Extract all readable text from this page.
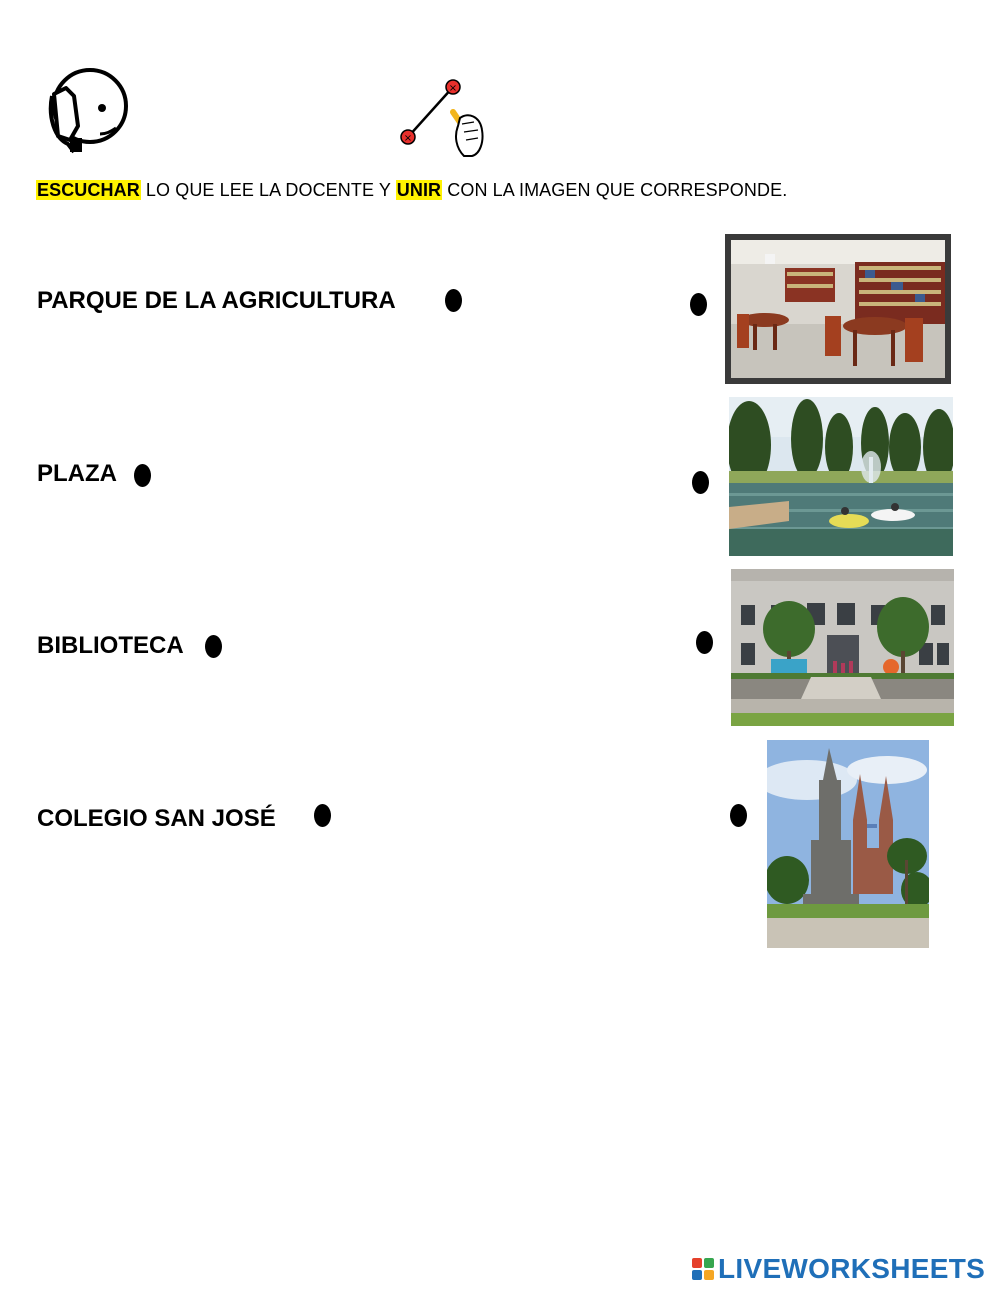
×
×
ESCUCHAR LO QUE LEE LA DOCENTE Y UNIR CON LA IMAGEN QUE CORRESPONDE.
PARQUE DE LA AGRICULTURA
PLAZA
BIBLIOTECA
COLEGIO SAN JOSÉ
LIVEWORKSHEETS
